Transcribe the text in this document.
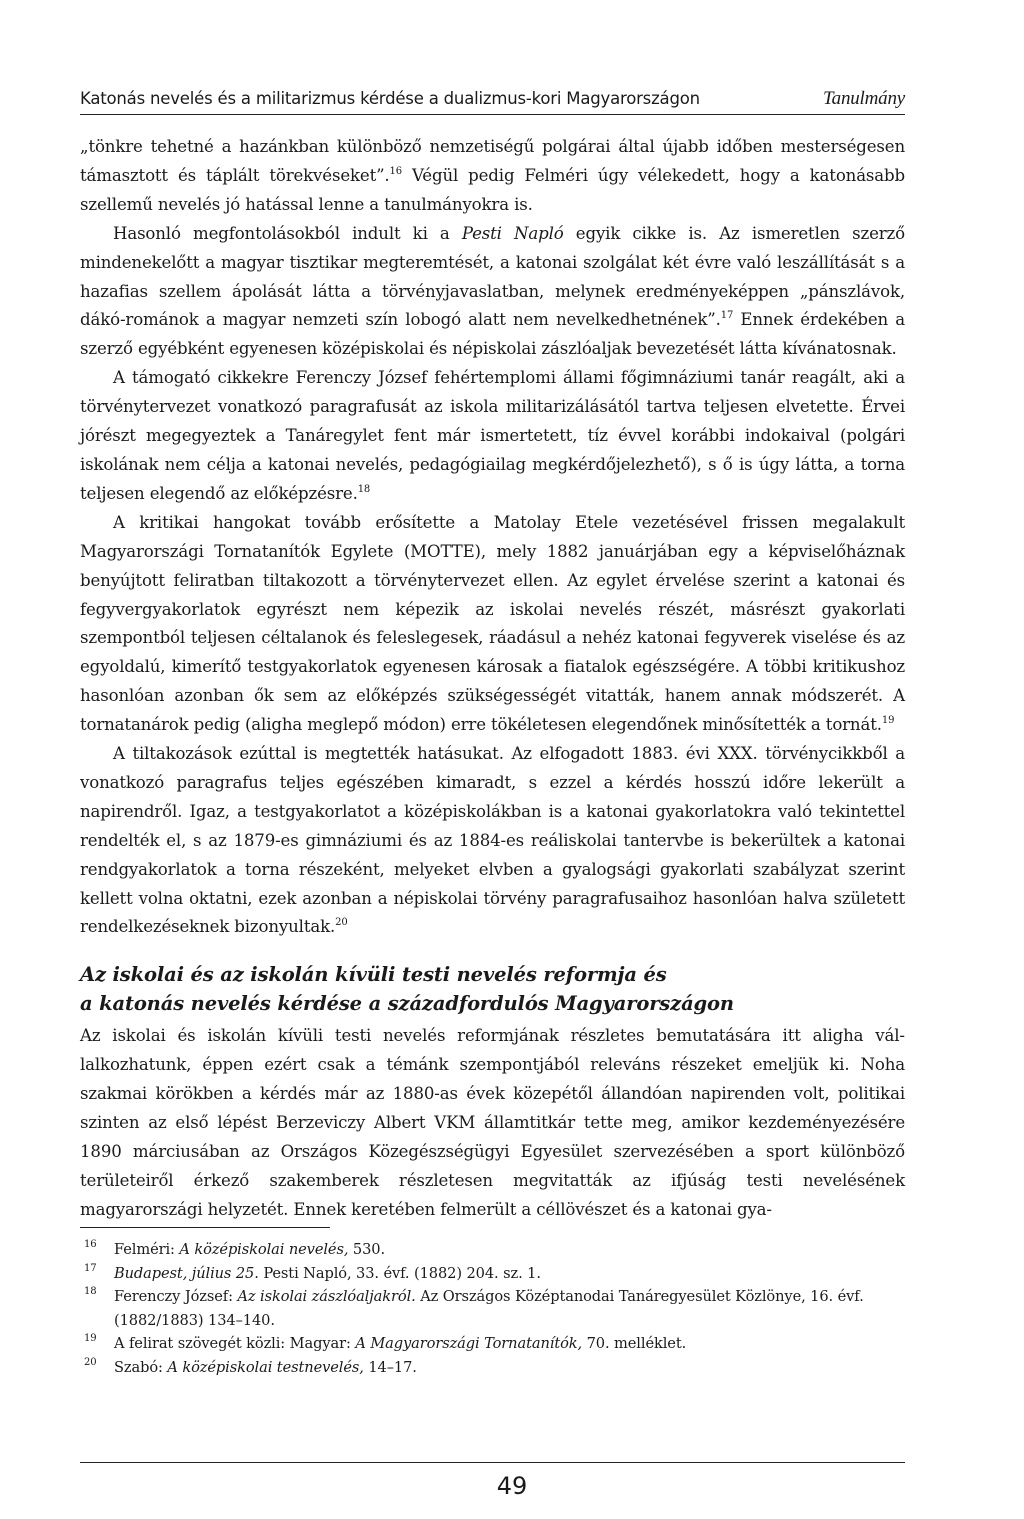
Katonás nevelés és a militarizmus kérdése a dualizmus-kori Magyarországon	Tanulmány

„tönkre tehetné a hazánkban különböző nemzetiségű polgárai által újabb időben mesterségesen támasztott és táplált törekvéseket”.$^{16}$ Végül pedig Felméri úgy vélekedett, hogy a katonásabb szellemű nevelés jó hatással lenne a tanulmányokra is.

Hasonló megfontolásokból indult ki a Pesti Napló egyik cikke is. Az ismeretlen szerző mindenekelőtt a magyar tisztikar megteremtését, a katonai szolgálat két évre való leszállítását s a hazafias szellem ápolását látta a törvényjavaslatban, melynek eredményeképpen „pánszlávok, dákó-románok a magyar nemzeti szín lobogó alatt nem nevelkedhetnének”.$^{17}$ Ennek érdekében a szerző egyébként egyenesen középiskolai és népiskolai zászlóaljak bevezetését látta kívánatosnak.

A támogató cikkekre Ferenczy József fehértemplomi állami főgimnáziumi tanár reagált, aki a törvénytervezet vonatkozó paragrafusát az iskola militarizálásától tartva teljesen elvetette. Érvei jórészt megegyeztek a Tanáregylet fent már ismertetett, tíz évvel korábbi indokaival (polgári iskolának nem célja a katonai nevelés, pedagógiailag megkérdőjelezhető), s ő is úgy látta, a torna teljesen elegendő az előképzésre.$^{18}$

A kritikai hangokat tovább erősítette a Matolay Etele vezetésével frissen megalakult Magyarországi Tornatanítók Egylete (MOTTE), mely 1882 januárjában egy a képviselőháznak benyújtott feliratban tiltakozott a törvénytervezet ellen. Az egylet érvelése szerint a katonai és fegyvergyakorlatok egyrészt nem képezik az iskolai nevelés részét, másrészt gyakorlati szempontból teljesen céltalanok és feleslegesek, ráadásul a nehéz katonai fegyverek viselése és az egyoldalú, kimerítő testgyakorlatok egyenesen károsak a fiatalok egészségére. A többi kritikushoz hasonlóan azonban ők sem az előképzés szükségességét vitatták, hanem annak módszerét. A tornatanárok pedig (aligha meglepő módon) erre tökéletesen elegendőnek minősítették a tornát.$^{19}$

A tiltakozások ezúttal is megtették hatásukat. Az elfogadott 1883. évi XXX. törvénycikkből a vonatkozó paragrafus teljes egészében kimaradt, s ezzel a kérdés hosszú időre lekerült a napirendről. Igaz, a testgyakorlatot a középiskolákban is a katonai gyakorlatokra való tekintettel rendelték el, s az 1879-es gimnáziumi és az 1884-es reáliskolai tantervbe is bekerültek a katonai rendgyakorlatok a torna részeként, melyeket elvben a gyalogsági gyakorlati szabályzat szerint kellett volna oktatni, ezek azonban a népiskolai törvény paragrafusaihoz hasonlóan halva született rendelkezéseknek bizonyultak.$^{20}$

Az iskolai és az iskolán kívüli testi nevelés reformja és
a katonás nevelés kérdése a századfordulós Magyarországon

Az iskolai és iskolán kívüli testi nevelés reformjának részletes bemutatására itt aligha vállalkozhatunk, éppen ezért csak a témánk szempontjából releváns részeket emeljük ki. Noha szakmai körökben a kérdés már az 1880-as évek közepétől állandóan napirenden volt, politikai szinten az első lépést Berzeviczy Albert VKM államtitkár tette meg, amikor kezdeményezésére 1890 márciusában az Országos Közegészségügyi Egyesület szervezésében a sport különböző területeiről érkező szakemberek részletesen megvitatták az ifjúság testi nevelésének magyarországi helyzetét. Ennek keretében felmerült a céllövészet és a katonai gya-

16	Felméri: A középiskolai nevelés, 530.
17	Budapest, július 25. Pesti Napló, 33. évf. (1882) 204. sz. 1.
18	Ferenczy József: Az iskolai zászlóaljakról. Az Országos Középtanodai Tanáregyesület Közlönye, 16. évf. (1882/1883) 134–140.
19	A felirat szövegét közli: Magyar: A Magyarországi Tornatanítók, 70. melléklet.
20	Szabó: A középiskolai testnevelés, 14–17.
49
